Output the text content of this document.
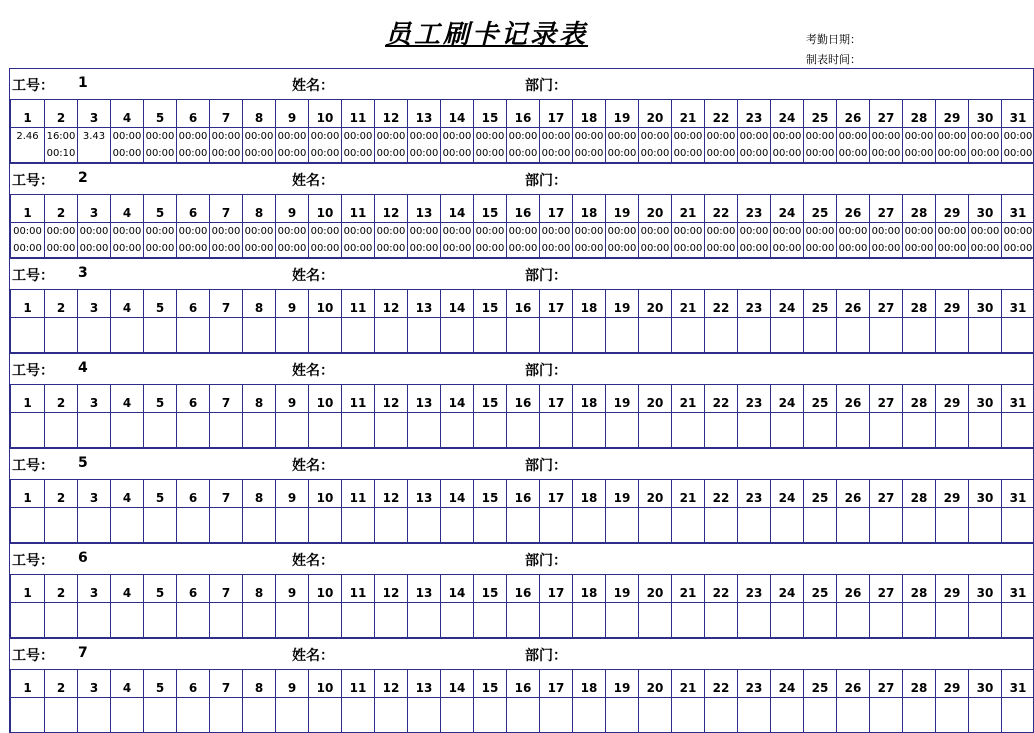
员工刷卡记录表	考勤日期：
制表时间：
工号： 1	姓名：	部门：
1	2	3	4	5	6	7	8	9	10	11	12	13	14	15	16	17	18	19	20	21	22	23	24	25	26	27	28	29	30	31
2.46	16:00	3.43	00:00	00:00	00:00	00:00	00:00	00:00	00:00	00:00	00:00	00:00	00:00	00:00	00:00	00:00	00:00	00:00	00:00	00:00	00:00	00:00	00:00	00:00	00:00	00:00	00:00	00:00	00:00	00:00
	00:10		00:00	00:00	00:00	00:00	00:00	00:00	00:00	00:00	00:00	00:00	00:00	00:00	00:00	00:00	00:00	00:00	00:00	00:00	00:00	00:00	00:00	00:00	00:00	00:00	00:00	00:00	00:00	00:00
工号： 2	姓名：	部门：
1	2	3	4	5	6	7	8	9	10	11	12	13	14	15	16	17	18	19	20	21	22	23	24	25	26	27	28	29	30	31
00:00	00:00	00:00	00:00	00:00	00:00	00:00	00:00	00:00	00:00	00:00	00:00	00:00	00:00	00:00	00:00	00:00	00:00	00:00	00:00	00:00	00:00	00:00	00:00	00:00	00:00	00:00	00:00	00:00	00:00	00:00
00:00	00:00	00:00	00:00	00:00	00:00	00:00	00:00	00:00	00:00	00:00	00:00	00:00	00:00	00:00	00:00	00:00	00:00	00:00	00:00	00:00	00:00	00:00	00:00	00:00	00:00	00:00	00:00	00:00	00:00	00:00
工号： 3	姓名：	部门：
1	2	3	4	5	6	7	8	9	10	11	12	13	14	15	16	17	18	19	20	21	22	23	24	25	26	27	28	29	30	31

工号： 4	姓名：	部门：
1	2	3	4	5	6	7	8	9	10	11	12	13	14	15	16	17	18	19	20	21	22	23	24	25	26	27	28	29	30	31

工号： 5	姓名：	部门：
1	2	3	4	5	6	7	8	9	10	11	12	13	14	15	16	17	18	19	20	21	22	23	24	25	26	27	28	29	30	31

工号： 6	姓名：	部门：
1	2	3	4	5	6	7	8	9	10	11	12	13	14	15	16	17	18	19	20	21	22	23	24	25	26	27	28	29	30	31

工号： 7	姓名：	部门：
1	2	3	4	5	6	7	8	9	10	11	12	13	14	15	16	17	18	19	20	21	22	23	24	25	26	27	28	29	30	31
